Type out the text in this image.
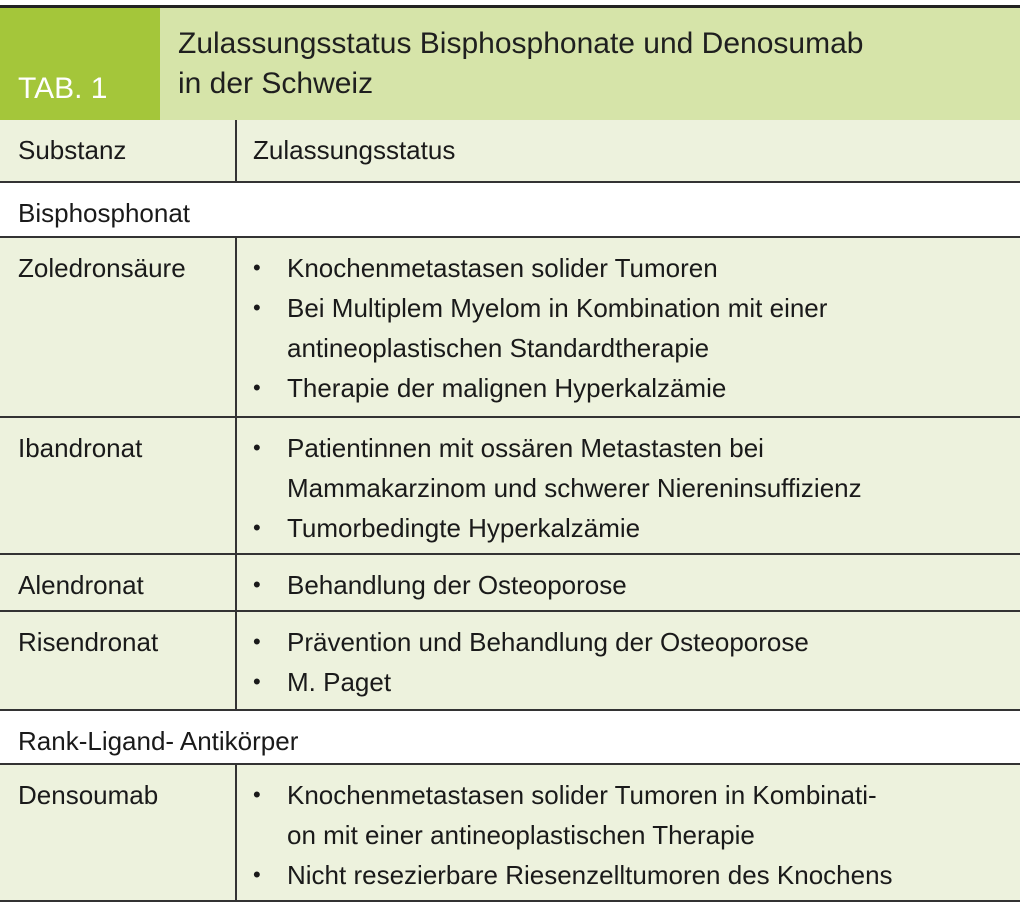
TAB. 1
Zulassungsstatus Bisphosphonate und Denosumab
in der Schweiz
Substanz	Zulassungsstatus
Bisphosphonat
Zoledronsäure	• Knochenmetastasen solider Tumoren
• Bei Multiplem Myelom in Kombination mit einer
antineoplastischen Standardtherapie
• Therapie der malignen Hyperkalzämie
Ibandronat	• Patientinnen mit ossären Metastasten bei
Mammakarzinom und schwerer Niereninsuffizienz
• Tumorbedingte Hyperkalzämie
Alendronat	• Behandlung der Osteoporose
Risendronat	• Prävention und Behandlung der Osteoporose
• M. Paget
Rank-Ligand- Antikörper
Densoumab	• Knochenmetastasen solider Tumoren in Kombinati-
on mit einer antineoplastischen Therapie
• Nicht resezierbare Riesenzelltumoren des Knochens
